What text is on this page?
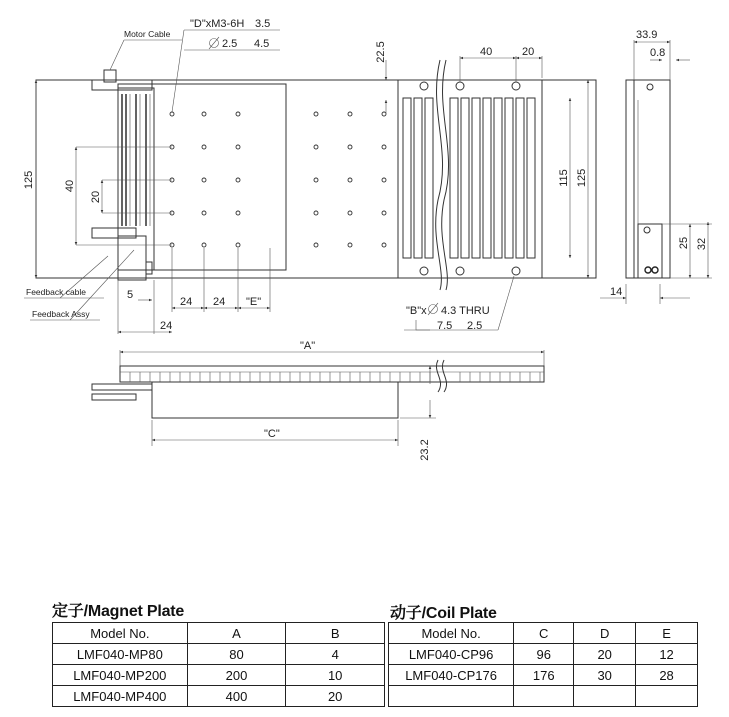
125	40
20
5
24 24 "E"
24
Motor Cable
Feedback cable
Feedback Assy
"D"xM3-6H 3.5
2.5 4.5
"B"x 4.3 THRU
7.5 2.5
22.5	40	20
115 125
33.9
0.8
25 32
14
"A"
"C"
23.2
定子/Magnet Plate
Model No.	A	B
LMF040-MP80	80	4
LMF040-MP200	200	10
LMF040-MP400	400	20
动子/Coil Plate
Model No.	C	D	E
LMF040-CP96	96	20	12
LMF040-CP176	176	30	28
